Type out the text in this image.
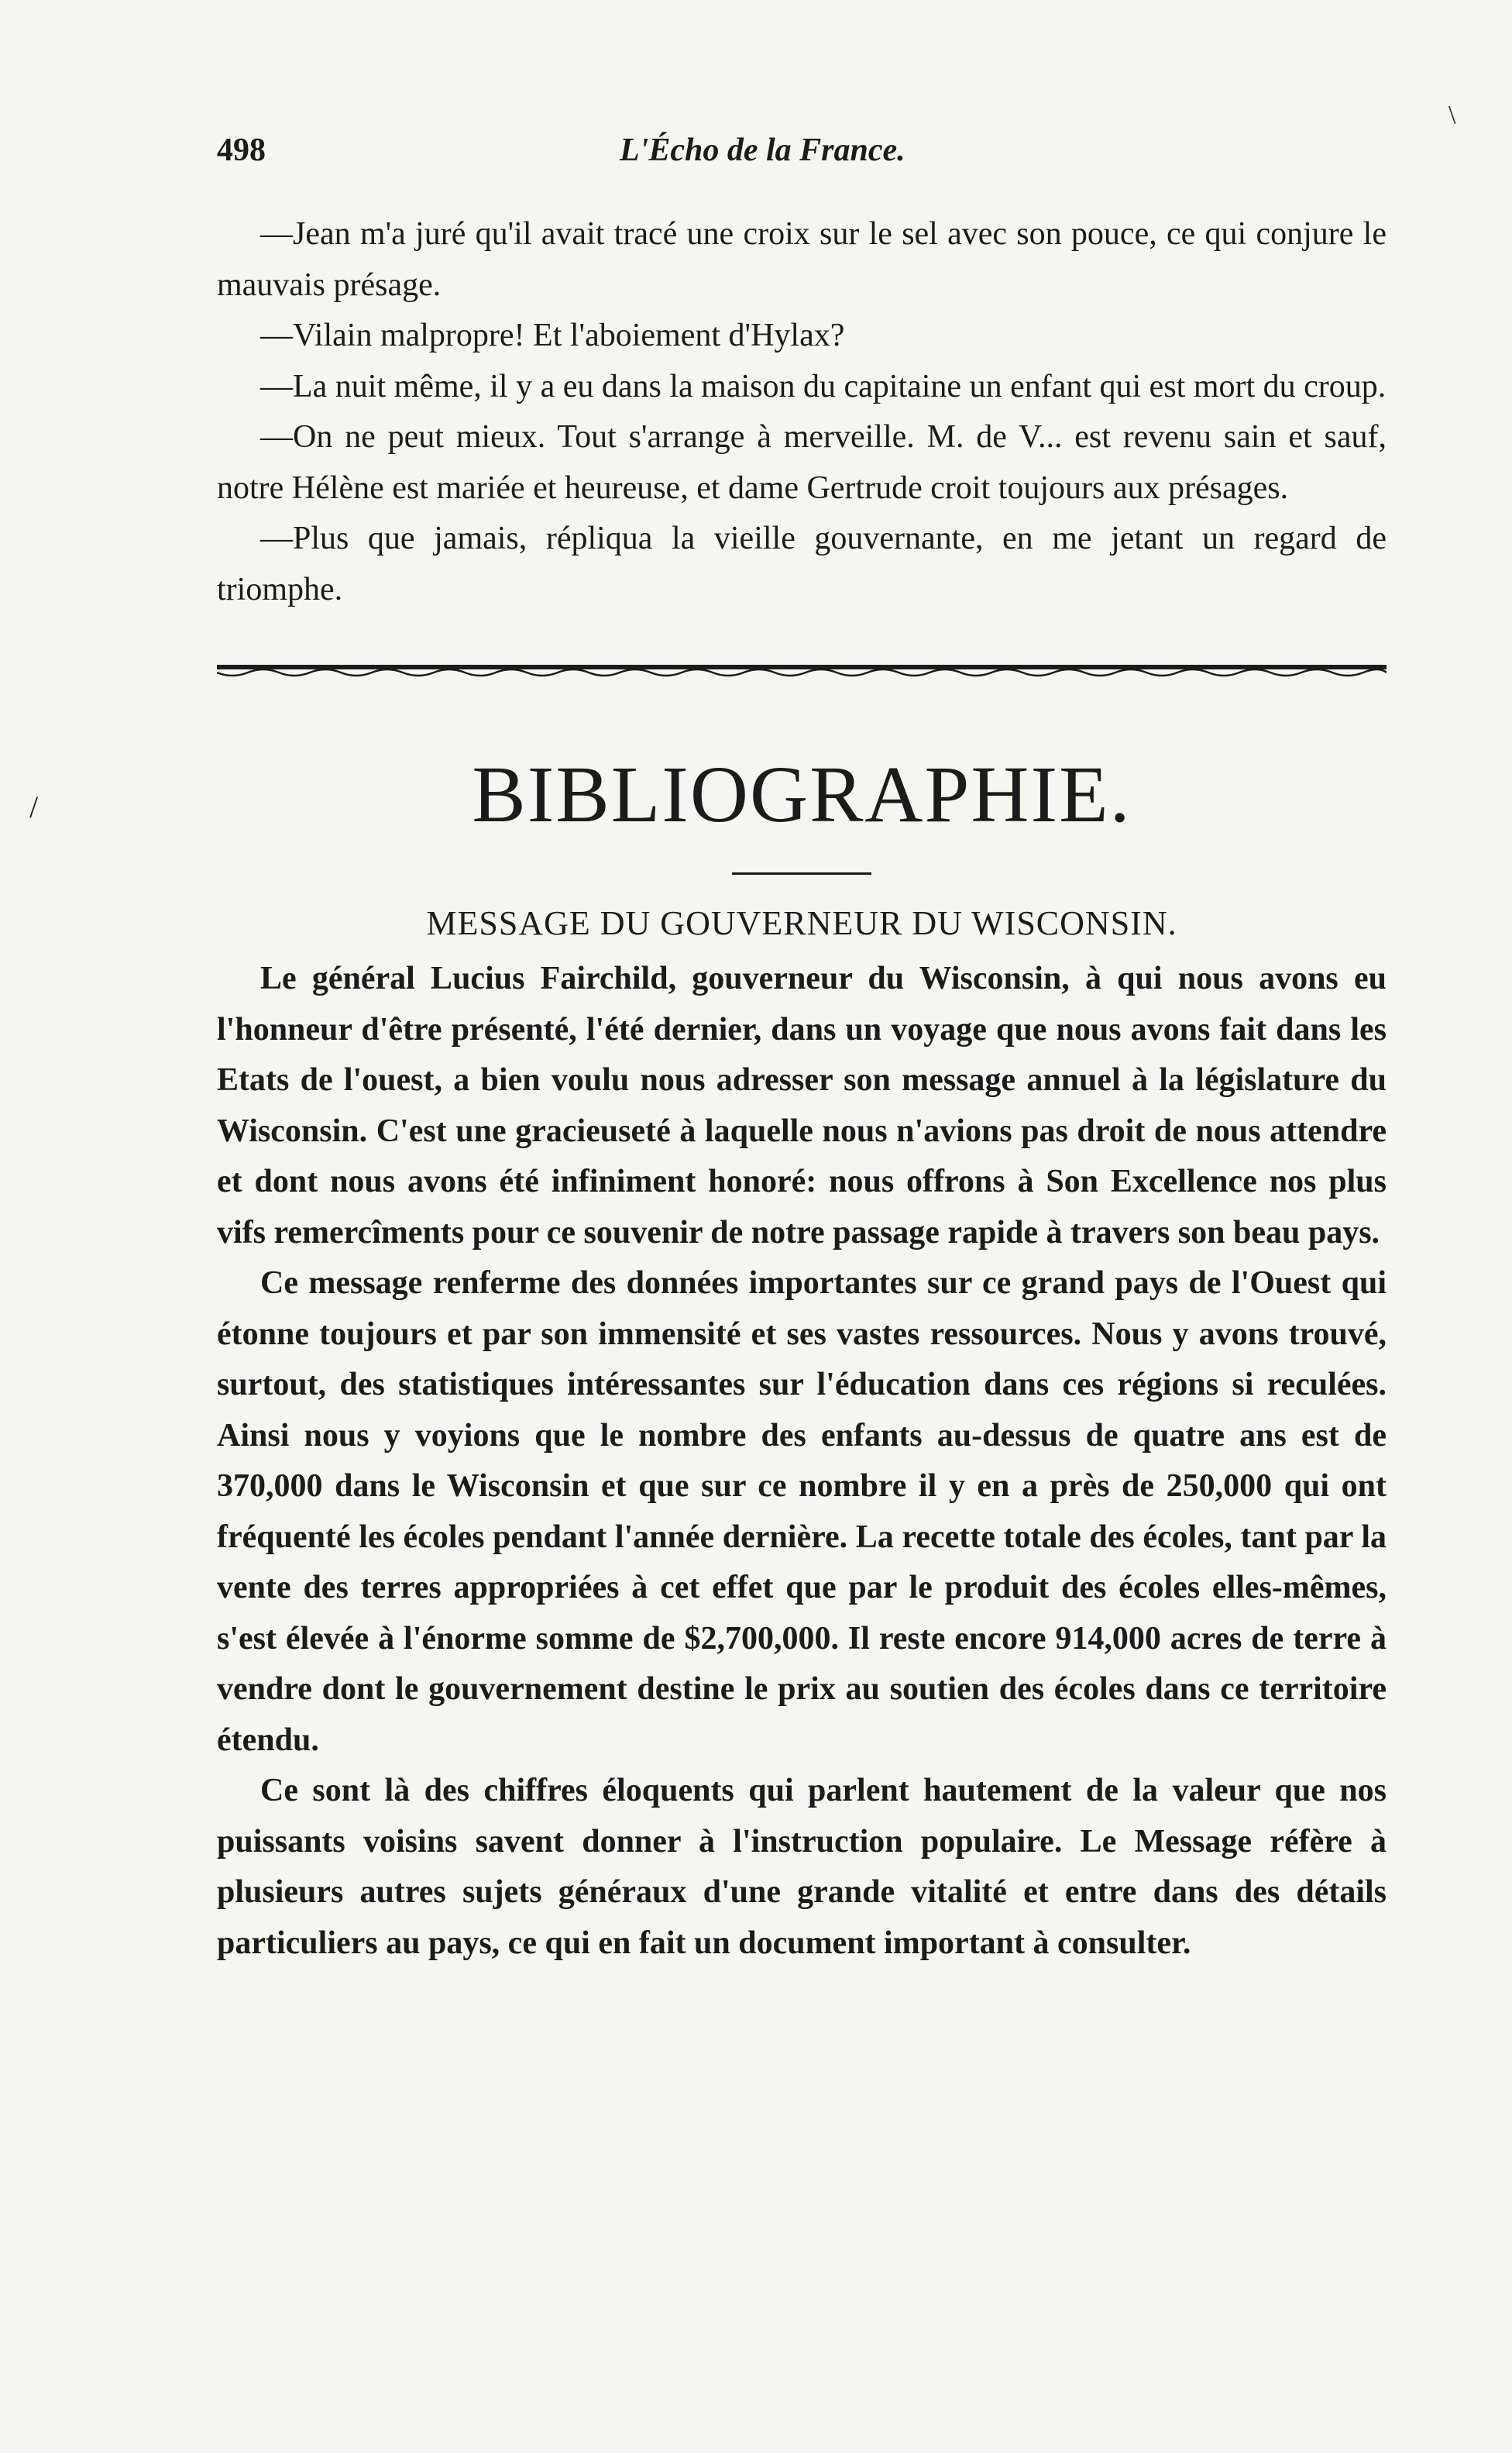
/
\
498	L'Écho de la France.

—Jean m'a juré qu'il avait tracé une croix sur le sel avec son pouce, ce qui conjure le mauvais présage.

—Vilain malpropre! Et l'aboiement d'Hylax?

—La nuit même, il y a eu dans la maison du capitaine un enfant qui est mort du croup.

—On ne peut mieux. Tout s'arrange à merveille. M. de V... est revenu sain et sauf, notre Hélène est mariée et heureuse, et dame Gertrude croit toujours aux présages.

—Plus que jamais, répliqua la vieille gouvernante, en me jetant un regard de triomphe.

BIBLIOGRAPHIE.
MESSAGE DU GOUVERNEUR DU WISCONSIN.

Le général Lucius Fairchild, gouverneur du Wisconsin, à qui nous avons eu l'honneur d'être présenté, l'été dernier, dans un voyage que nous avons fait dans les Etats de l'ouest, a bien voulu nous adresser son message annuel à la législature du Wisconsin. C'est une gracieuseté à laquelle nous n'avions pas droit de nous attendre et dont nous avons été infiniment honoré: nous offrons à Son Excellence nos plus vifs remercîments pour ce souvenir de notre passage rapide à travers son beau pays.

Ce message renferme des données importantes sur ce grand pays de l'Ouest qui étonne toujours et par son immensité et ses vastes ressources. Nous y avons trouvé, surtout, des statistiques intéressantes sur l'éducation dans ces régions si reculées. Ainsi nous y voyions que le nombre des enfants au-dessus de quatre ans est de 370,000 dans le Wisconsin et que sur ce nombre il y en a près de 250,000 qui ont fréquenté les écoles pendant l'année dernière. La recette totale des écoles, tant par la vente des terres appropriées à cet effet que par le produit des écoles elles-mêmes, s'est élevée à l'énorme somme de $2,700,000. Il reste encore 914,000 acres de terre à vendre dont le gouvernement destine le prix au soutien des écoles dans ce territoire étendu.

Ce sont là des chiffres éloquents qui parlent hautement de la valeur que nos puissants voisins savent donner à l'instruction populaire. Le Message réfère à plusieurs autres sujets généraux d'une grande vitalité et entre dans des détails particuliers au pays, ce qui en fait un document important à consulter.
